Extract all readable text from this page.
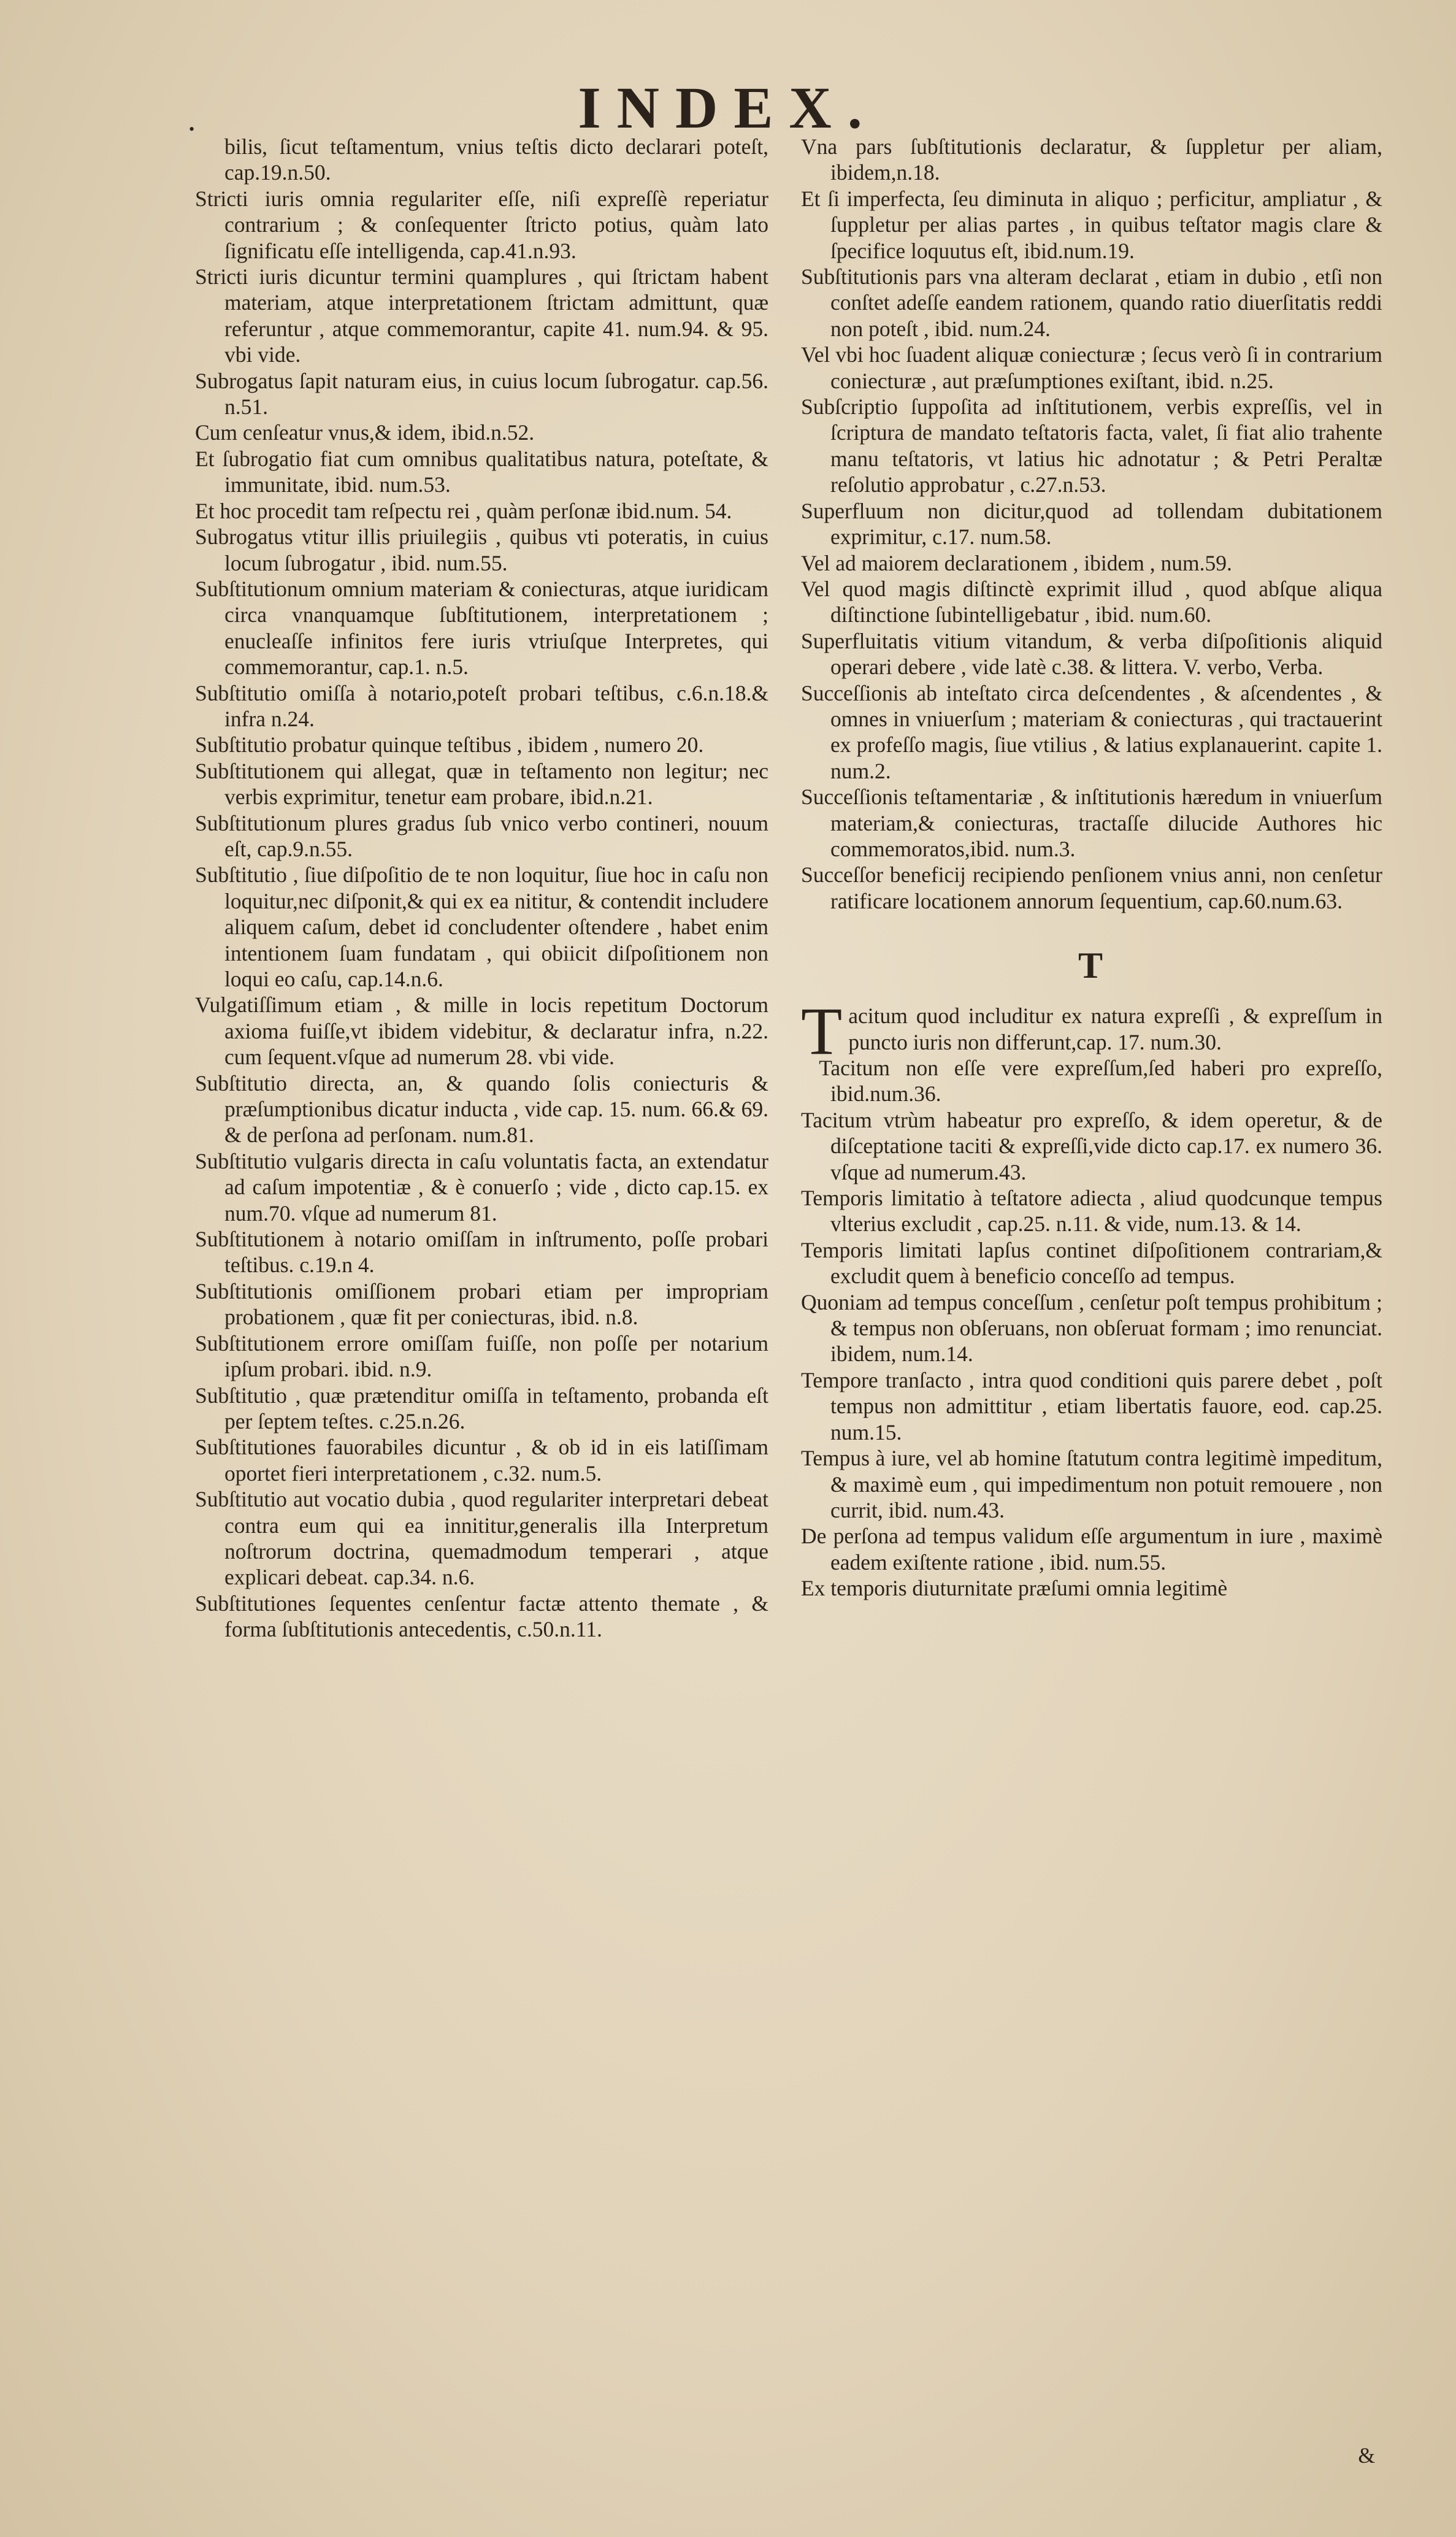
INDEX.
•

bilis, ſicut teſtamentum, vnius teſtis dicto declarari poteſt, cap.19.n.50.

Stricti iuris omnia regulariter eſſe, niſi expreſſè reperiatur contrarium ; & conſequenter ſtricto potius, quàm lato ſignificatu eſſe intelligenda, cap.41.n.93.

Stricti iuris dicuntur termini quamplures , qui ſtrictam habent materiam, atque interpretationem ſtrictam admittunt, quæ referuntur , atque commemorantur, capite 41. num.94. & 95. vbi vide.

Subrogatus ſapit naturam eius, in cuius locum ſubrogatur. cap.56. n.51.

Cum cenſeatur vnus,& idem, ibid.n.52.

Et ſubrogatio fiat cum omnibus qualitatibus natura, poteſtate, & immunitate, ibid. num.53.

Et hoc procedit tam reſpectu rei , quàm perſonæ ibid.num. 54.

Subrogatus vtitur illis priuilegiis , quibus vti poteratis, in cuius locum ſubrogatur , ibid. num.55.

Subſtitutionum omnium materiam & coniecturas, atque iuridicam circa vnanquamque ſubſtitutionem, interpretationem ; enucleaſſe infinitos fere iuris vtriuſque Interpretes, qui commemorantur, cap.1. n.5.

Subſtitutio omiſſa à notario,poteſt probari teſtibus, c.6.n.18.& infra n.24.

Subſtitutio probatur quinque teſtibus , ibidem , numero 20.

Subſtitutionem qui allegat, quæ in teſtamento non legitur; nec verbis exprimitur, tenetur eam probare, ibid.n.21.

Subſtitutionum plures gradus ſub vnico verbo contineri, nouum eſt, cap.9.n.55.

Subſtitutio , ſiue diſpoſitio de te non loquitur, ſiue hoc in caſu non loquitur,nec diſponit,& qui ex ea nititur, & contendit includere aliquem caſum, debet id concludenter oſtendere , habet enim intentionem ſuam fundatam , qui obiicit diſpoſitionem non loqui eo caſu, cap.14.n.6.

Vulgatiſſimum etiam , & mille in locis repetitum Doctorum axioma fuiſſe,vt ibidem videbitur, & declaratur infra, n.22. cum ſequent.vſque ad numerum 28. vbi vide.

Subſtitutio directa, an, & quando ſolis coniecturis & præſumptionibus dicatur inducta , vide cap. 15. num. 66.& 69. & de perſona ad perſonam. num.81.

Subſtitutio vulgaris directa in caſu voluntatis facta, an extendatur ad caſum impotentiæ , & è conuerſo ; vide , dicto cap.15. ex num.70. vſque ad numerum 81.

Subſtitutionem à notario omiſſam in inſtrumento, poſſe probari teſtibus. c.19.n 4.

Subſtitutionis omiſſionem probari etiam per impropriam probationem , quæ fit per coniecturas, ibid. n.8.

Subſtitutionem errore omiſſam fuiſſe, non poſſe per notarium ipſum probari. ibid. n.9.

Subſtitutio , quæ prætenditur omiſſa in teſtamento, probanda eſt per ſeptem teſtes. c.25.n.26.

Subſtitutiones fauorabiles dicuntur , & ob id in eis latiſſimam oportet fieri interpretationem , c.32. num.5.

Subſtitutio aut vocatio dubia , quod regulariter interpretari debeat contra eum qui ea innititur,generalis illa Interpretum noſtrorum doctrina, quemadmodum temperari , atque explicari debeat. cap.34. n.6.

Subſtitutiones ſequentes cenſentur factæ attento themate , & forma ſubſtitutionis antecedentis, c.50.n.11.

Vna pars ſubſtitutionis declaratur, & ſuppletur per aliam, ibidem,n.18.

Et ſi imperfecta, ſeu diminuta in aliquo ; perficitur, ampliatur , & ſuppletur per alias partes , in quibus teſtator magis clare & ſpecifice loquutus eſt, ibid.num.19.

Subſtitutionis pars vna alteram declarat , etiam in dubio , etſi non conſtet adeſſe eandem rationem, quando ratio diuerſitatis reddi non poteſt , ibid. num.24.

Vel vbi hoc ſuadent aliquæ coniecturæ ; ſecus verò ſi in contrarium coniecturæ , aut præſumptiones exiſtant, ibid. n.25.

Subſcriptio ſuppoſita ad inſtitutionem, verbis expreſſis, vel in ſcriptura de mandato teſtatoris facta, valet, ſi fiat alio trahente manu teſtatoris, vt latius hic adnotatur ; & Petri Peraltæ reſolutio approbatur , c.27.n.53.

Superfluum non dicitur,quod ad tollendam dubitationem exprimitur, c.17. num.58.

Vel ad maiorem declarationem , ibidem , num.59.

Vel quod magis diſtinctè exprimit illud , quod abſque aliqua diſtinctione ſubintelligebatur , ibid. num.60.

Superfluitatis vitium vitandum, & verba diſpoſitionis aliquid operari debere , vide latè c.38. & littera. V. verbo, Verba.

Succeſſionis ab inteſtato circa deſcendentes , & aſcendentes , & omnes in vniuerſum ; materiam & coniecturas , qui tractauerint ex profeſſo magis, ſiue vtilius , & latius explanauerint. capite 1. num.2.

Succeſſionis teſtamentariæ , & inſtitutionis hæredum in vniuerſum materiam,& coniecturas, tractaſſe dilucide Authores hic commemoratos,ibid. num.3.

Succeſſor beneficij recipiendo penſionem vnius anni, non cenſetur ratificare locationem annorum ſequentium, cap.60.num.63.

T

Tacitum quod includitur ex natura expreſſi , & expreſſum in puncto iuris non differunt,cap. 17. num.30.

Tacitum non eſſe vere expreſſum,ſed haberi pro expreſſo, ibid.num.36.

Tacitum vtrùm habeatur pro expreſſo, & idem operetur, & de diſceptatione taciti & expreſſi,vide dicto cap.17. ex numero 36. vſque ad numerum.43.

Temporis limitatio à teſtatore adiecta , aliud quodcunque tempus vlterius excludit , cap.25. n.11. & vide, num.13. & 14.

Temporis limitati lapſus continet diſpoſitionem contrariam,& excludit quem à beneficio conceſſo ad tempus.

Quoniam ad tempus conceſſum , cenſetur poſt tempus prohibitum ; & tempus non obſeruans, non obſeruat formam ; imo renunciat. ibidem, num.14.

Tempore tranſacto , intra quod conditioni quis parere debet , poſt tempus non admittitur , etiam libertatis fauore, eod. cap.25. num.15.

Tempus à iure, vel ab homine ſtatutum contra legitimè impeditum, & maximè eum , qui impedimentum non potuit remouere , non currit, ibid. num.43.

De perſona ad tempus validum eſſe argumentum in iure , maximè eadem exiſtente ratione , ibid. num.55.

Ex temporis diuturnitate præſumi omnia legitimè

&
